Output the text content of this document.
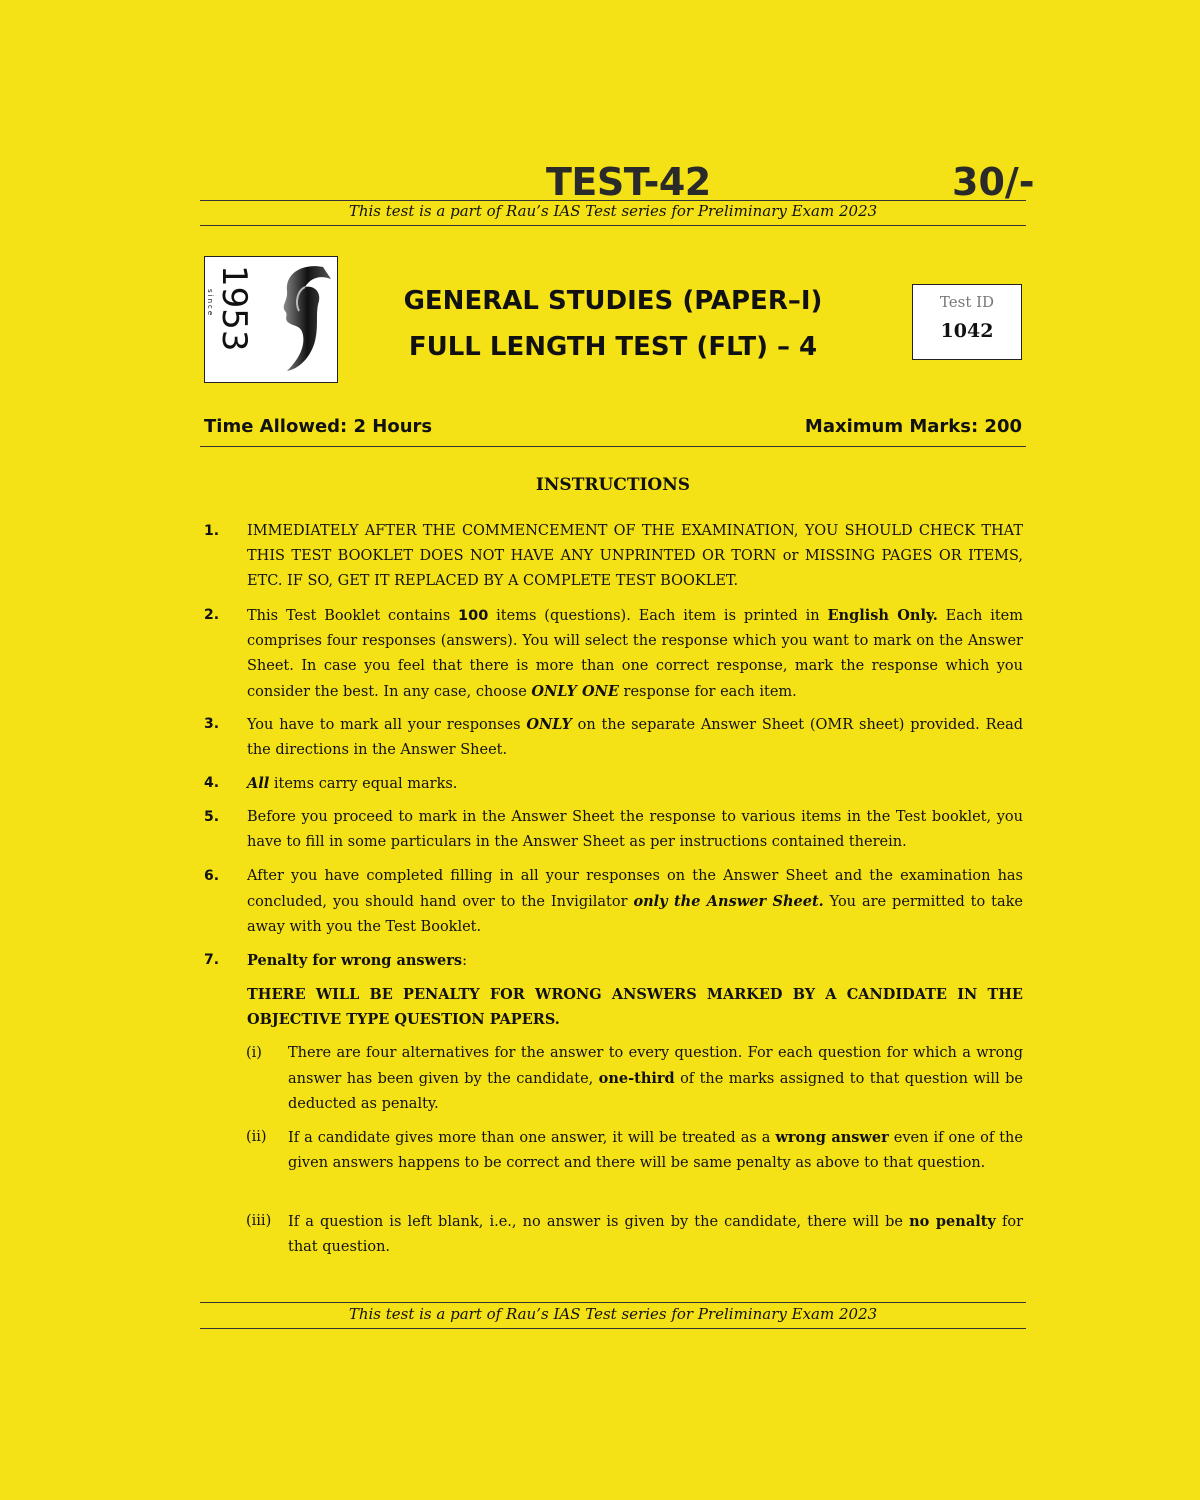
TEST-42	30/-
This test is a part of Rau’s IAS Test series for Preliminary Exam 2023
since 1953	GENERAL STUDIES (PAPER–I)
FULL LENGTH TEST (FLT) – 4
Test ID
1042
Time Allowed: 2 Hours	Maximum Marks: 200
INSTRUCTIONS
1. IMMEDIATELY AFTER THE COMMENCEMENT OF THE EXAMINATION, YOU SHOULD CHECK THAT THIS TEST BOOKLET DOES NOT HAVE ANY UNPRINTED OR TORN or MISSING PAGES OR ITEMS, ETC. IF SO, GET IT REPLACED BY A COMPLETE TEST BOOKLET.
2. This Test Booklet contains 100 items (questions). Each item is printed in English Only. Each item comprises four responses (answers). You will select the response which you want to mark on the Answer Sheet. In case you feel that there is more than one correct response, mark the response which you consider the best. In any case, choose ONLY ONE response for each item.
3. You have to mark all your responses ONLY on the separate Answer Sheet (OMR sheet) provided. Read the directions in the Answer Sheet.
4. All items carry equal marks.
5. Before you proceed to mark in the Answer Sheet the response to various items in the Test booklet, you have to fill in some particulars in the Answer Sheet as per instructions contained therein.
6. After you have completed filling in all your responses on the Answer Sheet and the examination has concluded, you should hand over to the Invigilator only the Answer Sheet. You are permitted to take away with you the Test Booklet.
7. Penalty for wrong answers:
THERE WILL BE PENALTY FOR WRONG ANSWERS MARKED BY A CANDIDATE IN THE OBJECTIVE TYPE QUESTION PAPERS.
(i) There are four alternatives for the answer to every question. For each question for which a wrong answer has been given by the candidate, one-third of the marks assigned to that question will be deducted as penalty.
(ii) If a candidate gives more than one answer, it will be treated as a wrong answer even if one of the given answers happens to be correct and there will be same penalty as above to that question.
(iii) If a question is left blank, i.e., no answer is given by the candidate, there will be no penalty for that question.
This test is a part of Rau’s IAS Test series for Preliminary Exam 2023
